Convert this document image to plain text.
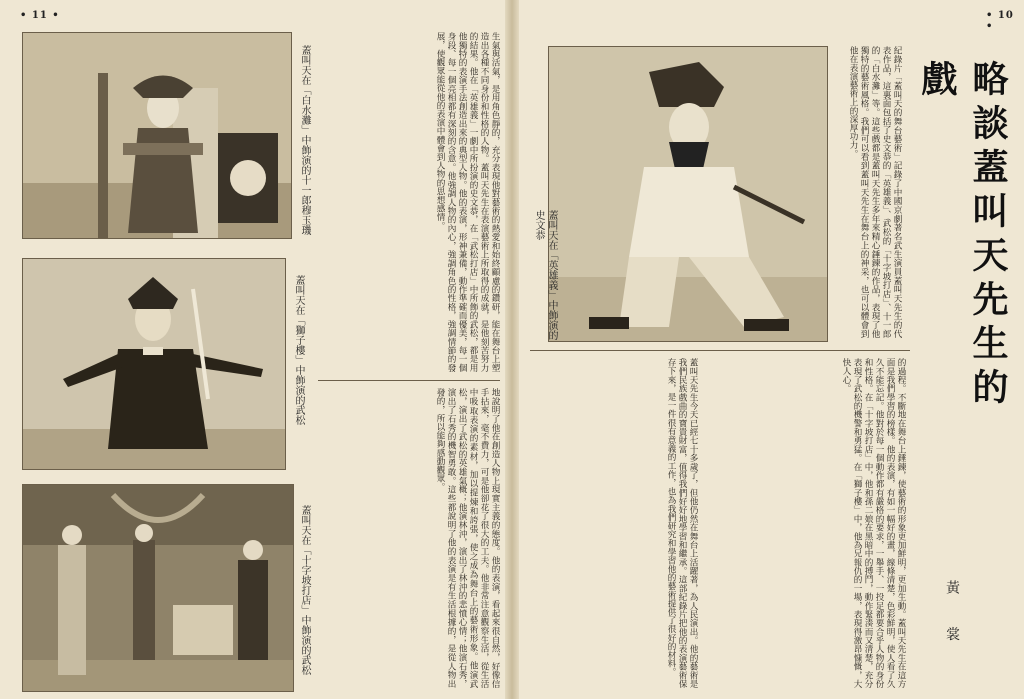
• 11 •
蓋叫天在「白水灘」中飾演的十一郎穆玉璣
蓋叫天在「獅子樓」中飾演的武松
蓋叫天在「十字坡打店」中飾演的武松
生氣與活氣，是用角色靜的，充分表現他對藝術的熱愛和始終顧慮的鑽研，能在舞台上塑造出各種不同身份和性格的人物。蓋叫天先生在表演藝術上所取得的成就，是他刻苦努力的結果。他在「英雄義」一劇中所扮演的史文恭，在「武松打店」中所飾的武松，都是用他獨特的表演手法創造出來的典型人物。他的表演，形神兼備，動作準確而優美，每一個身段、每一個亮相都有深刻的含意。他強調人物的內心，強調角色的性格，強調情節的發展，使觀眾能從他的表演中體會到人物的思想感情。
地說明了他在創造人物上現實主義的態度。他的表演，看起來很自然，好像信手拈來，毫不費力，可是他卻花了很大的工夫。他非常注意觀察生活，從生活中吸取表演的素材，加以提煉和誇張，使之成為舞台上的藝術形象。他演武松，演出了武松的英雄氣概；他演林沖，演出了林沖的悲憤心情；他演石秀，演出了石秀的機智勇敢。這些都說明了他的表演是有生活根據的，是從人物出發的，所以能夠感動觀眾。
• 10 •
蓋叫天在「英雄義」中飾演的史文恭	紀錄片「蓋叫天的舞台藝術」記錄了中國京劇著名武生演員蓋叫天先生的代表作品，這裏面包括了史文恭的「英雄義」、武松的「十字坡打店」、十一郎的「白水灘」等。這些戲都是蓋叫天先生多年來精心錘鍊的作品，表現了他獨特的藝術風格。我們可以看到蓋叫天先生在舞台上的神采，也可以體會到他在表演藝術上的深厚功力。	略談蓋叫天先生的戲
黃 裳
的過程。不斷地在舞台上錘鍊，使藝術的形象更加鮮明，更加生動。蓋叫天先生在這方面是我們學習的榜樣。他的表演，有如一幅好的畫，線條清楚，色彩鮮明，使人看了久久不能忘記。他對於每一個動作都有嚴格的要求，一舉手、一投足都要合乎人物的身份和性格。在「十字坡打店」中，他和孫二娘在黑暗中的搏鬥，動作緊湊而又清楚，充分表現了武松的機警和勇猛。在「獅子樓」中，他為兄報仇的一場，表現得激昂慷慨，大快人心。
蓋叫天先生今天已經七十多歲了，但他仍然在舞台上活躍著，為人民演出。他的藝術是我們民族戲曲的寶貴財富，值得我們好好地學習和繼承。這部紀錄片把他的表演藝術保存下來，是一件很有意義的工作，也為我們研究和學習他的藝術提供了很好的材料。
